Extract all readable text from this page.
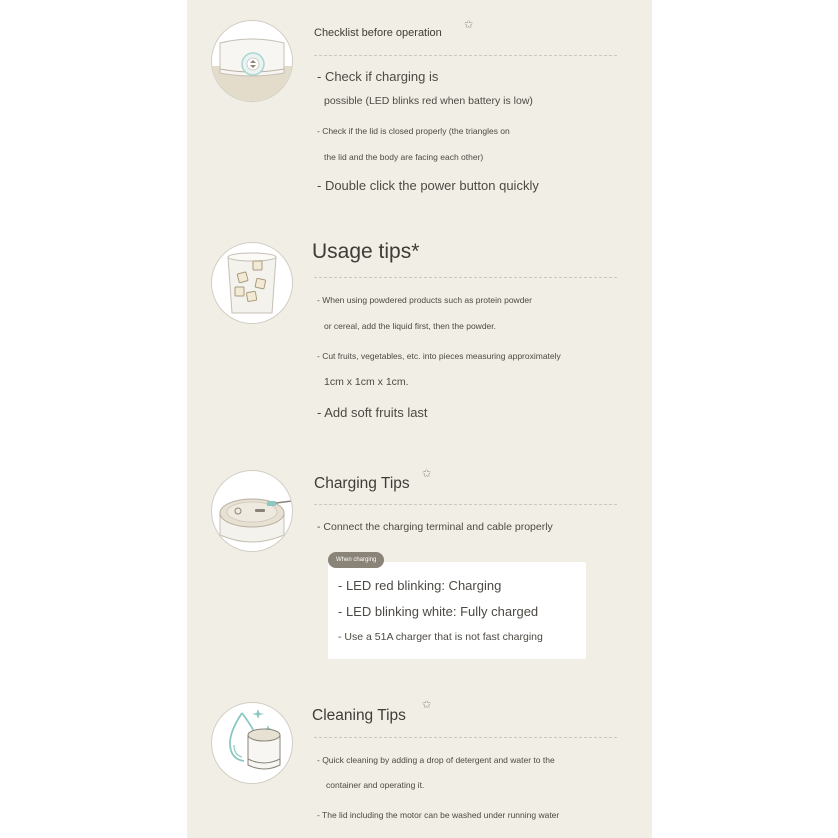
Checklist before operation
✩
- Check if charging is
possible (LED blinks red when battery is low)
- Check if the lid is closed properly (the triangles on
the lid and the body are facing each other)
- Double click the power button quickly
Usage tips*
- When using powdered products such as protein powder
or cereal, add the liquid first, then the powder.
- Cut fruits, vegetables, etc. into pieces measuring approximately
1cm x 1cm x 1cm.
- Add soft fruits last
Charging Tips
✩
- Connect the charging terminal and cable properly
When charging
- LED red blinking: Charging
- LED blinking white: Fully charged
- Use a 51A charger that is not fast charging
Cleaning Tips
✩
- Quick cleaning by adding a drop of detergent and water to the
container and operating it.
- The lid including the motor can be washed under running water
